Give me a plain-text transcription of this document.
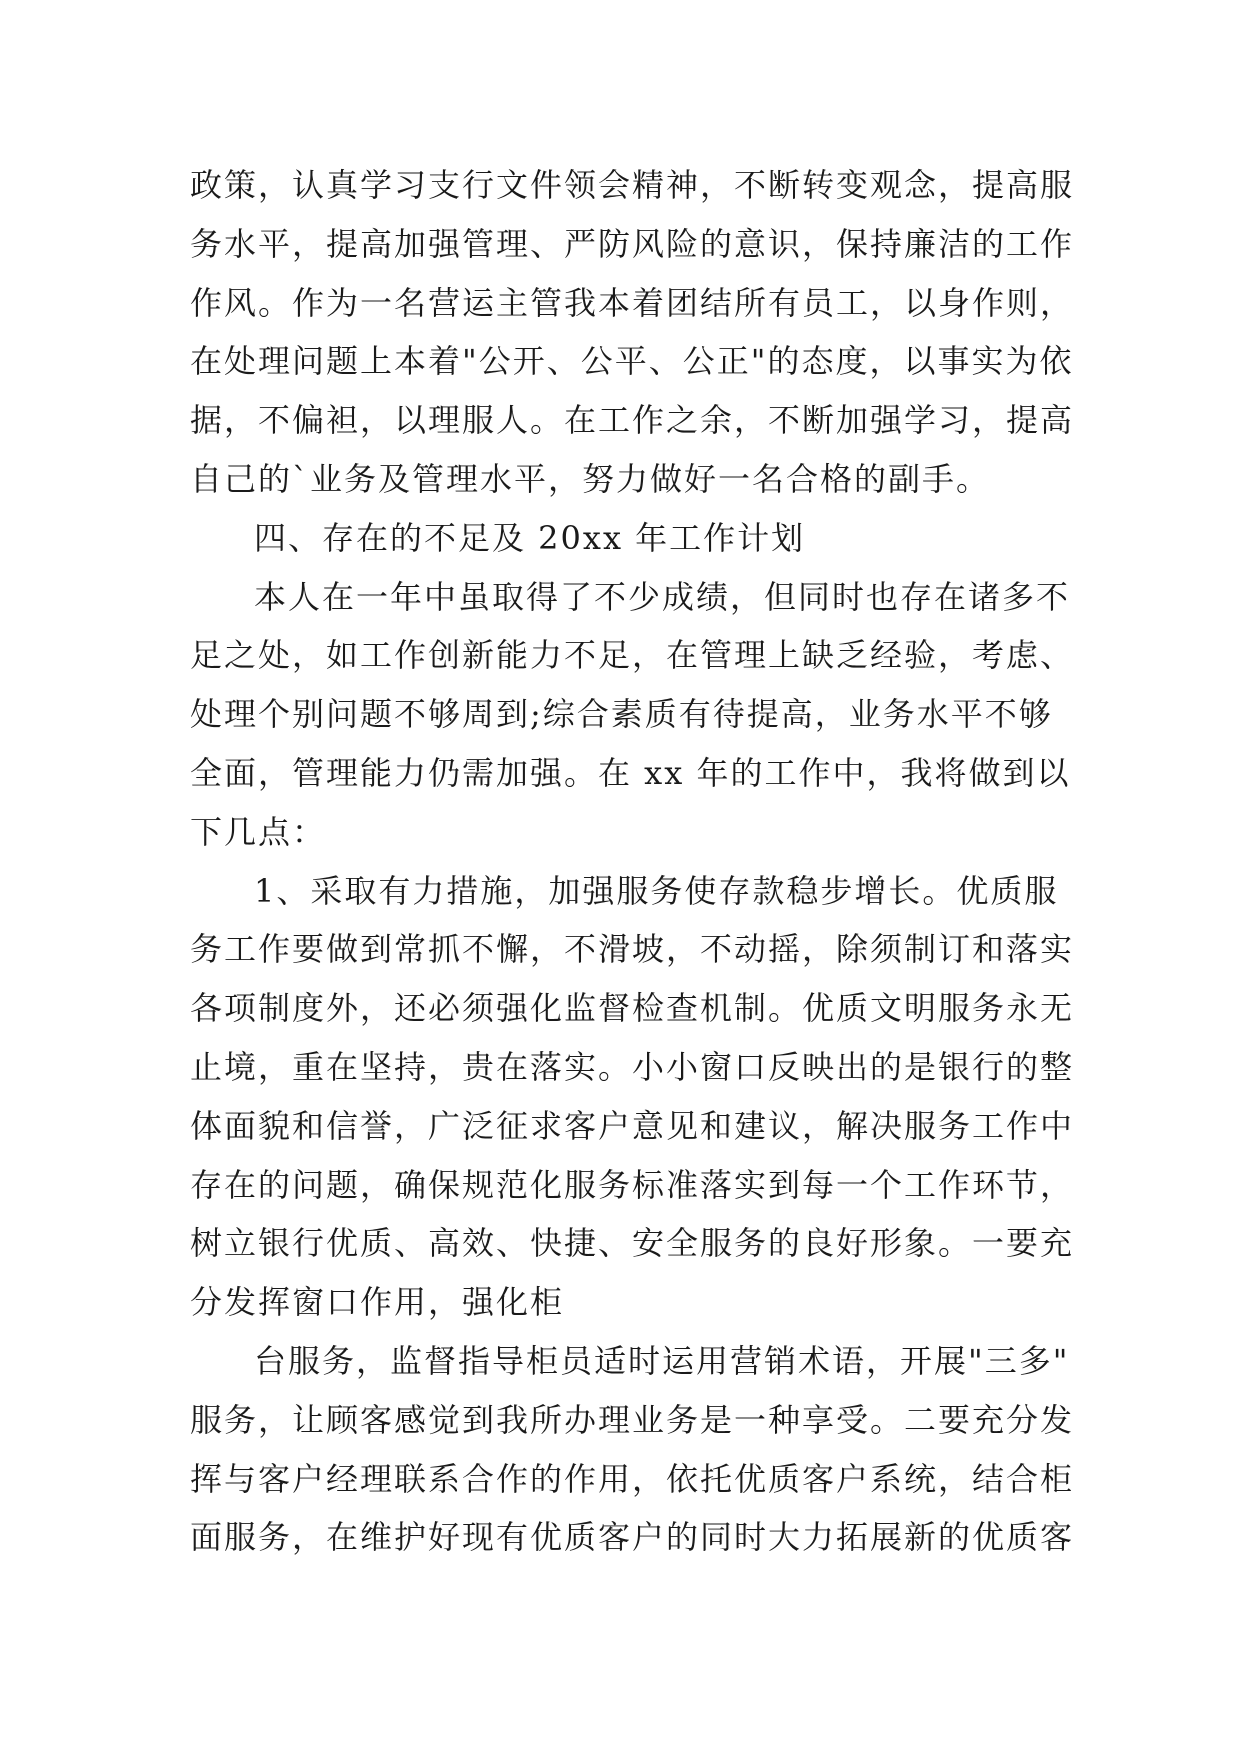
政策，认真学习支行文件领会精神，不断转变观念，提高服
务水平，提高加强管理、严防风险的意识，保持廉洁的工作
作风。作为一名营运主管我本着团结所有员工，以身作则，
在处理问题上本着"公开、公平、公正"的态度，以事实为依
据，不偏袒，以理服人。在工作之余，不断加强学习，提高
自己的`业务及管理水平，努力做好一名合格的副手。
四、存在的不足及 20xx 年工作计划
本人在一年中虽取得了不少成绩，但同时也存在诸多不
足之处，如工作创新能力不足，在管理上缺乏经验，考虑、
处理个别问题不够周到;综合素质有待提高，业务水平不够
全面，管理能力仍需加强。在 xx 年的工作中，我将做到以
下几点：
1、采取有力措施，加强服务使存款稳步增长。优质服
务工作要做到常抓不懈，不滑坡，不动摇，除须制订和落实
各项制度外，还必须强化监督检查机制。优质文明服务永无
止境，重在坚持，贵在落实。小小窗口反映出的是银行的整
体面貌和信誉，广泛征求客户意见和建议，解决服务工作中
存在的问题，确保规范化服务标准落实到每一个工作环节，
树立银行优质、高效、快捷、安全服务的良好形象。一要充
分发挥窗口作用，强化柜
台服务，监督指导柜员适时运用营销术语，开展"三多"
服务，让顾客感觉到我所办理业务是一种享受。二要充分发
挥与客户经理联系合作的作用，依托优质客户系统，结合柜
面服务，在维护好现有优质客户的同时大力拓展新的优质客
